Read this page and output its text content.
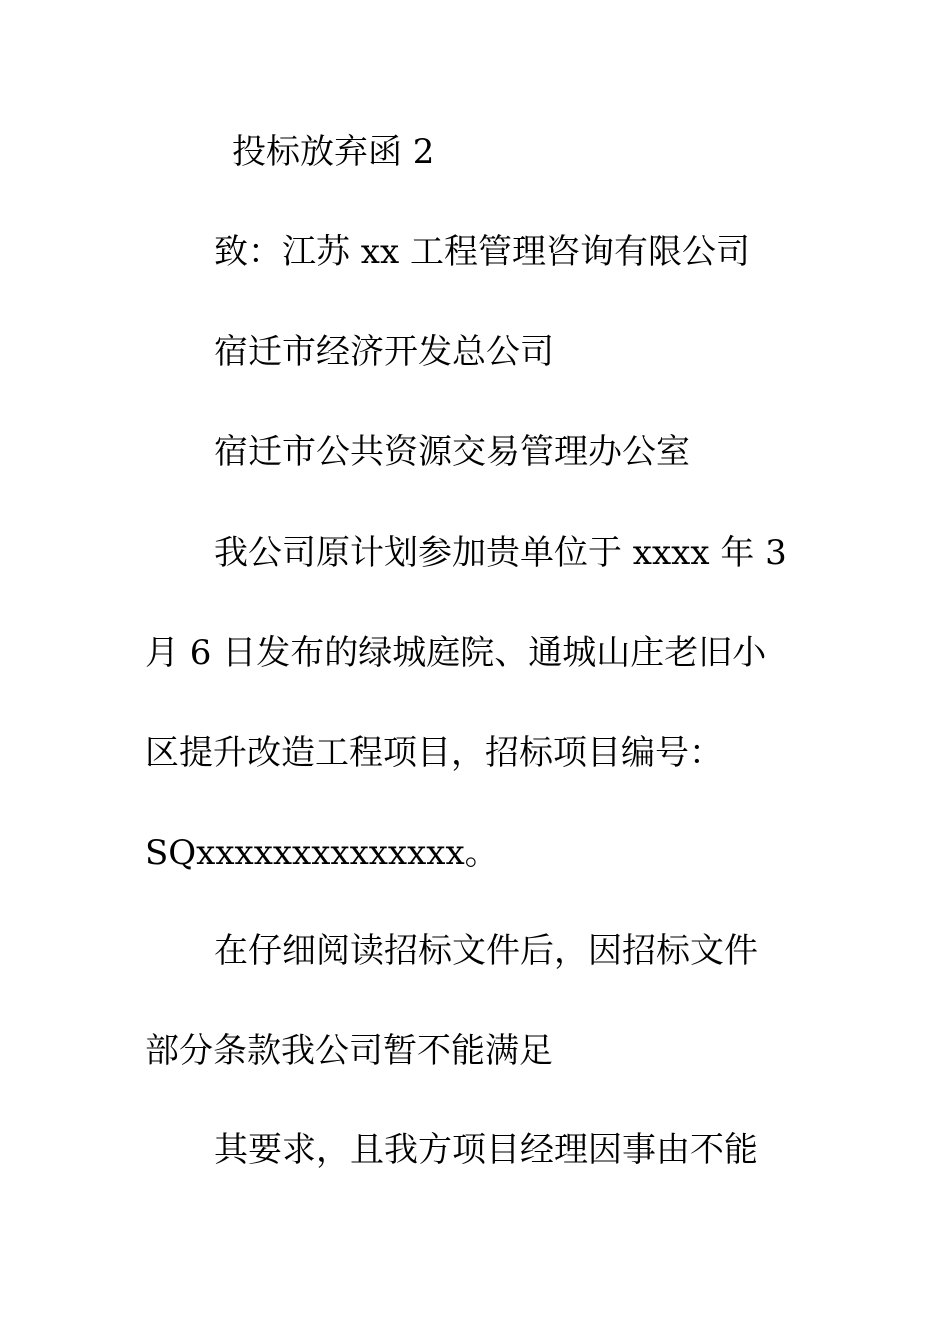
投标放弃函 2
致：江苏 xx 工程管理咨询有限公司
宿迁市经济开发总公司
宿迁市公共资源交易管理办公室
我公司原计划参加贵单位于 xxxx 年 3
月 6 日发布的绿城庭院、通城山庄老旧小
区提升改造工程项目，招标项目编号：
SQxxxxxxxxxxxxxx。
在仔细阅读招标文件后，因招标文件
部分条款我公司暂不能满足
其要求，且我方项目经理因事由不能
